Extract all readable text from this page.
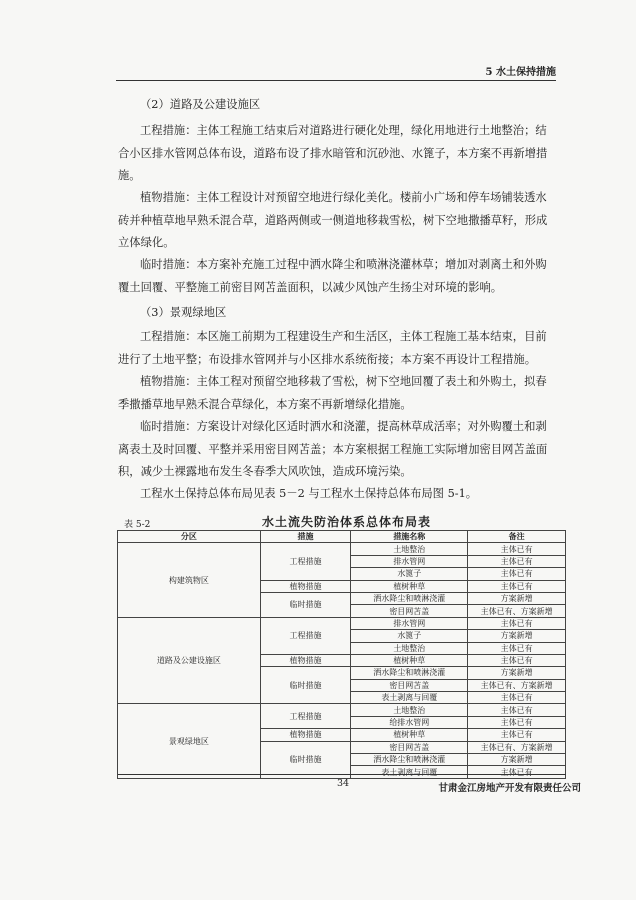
5 水土保持措施
（2）道路及公建设施区

工程措施：主体工程施工结束后对道路进行硬化处理，绿化用地进行土地整治；结合小区排水管网总体布设，道路布设了排水暗管和沉砂池、水篦子，本方案不再新增措施。

植物措施：主体工程设计对预留空地进行绿化美化。楼前小广场和停车场铺装透水砖并种植草地早熟禾混合草，道路两侧或一侧道地移栽雪松，树下空地撒播草籽，形成立体绿化。

临时措施：本方案补充施工过程中洒水降尘和喷淋浇灌林草；增加对剥离土和外购覆土回覆、平整施工前密目网苫盖面积，以减少风蚀产生扬尘对环境的影响。

（3）景观绿地区

工程措施：本区施工前期为工程建设生产和生活区，主体工程施工基本结束，目前进行了土地平整；布设排水管网并与小区排水系统衔接；本方案不再设计工程措施。

植物措施：主体工程对预留空地移栽了雪松，树下空地回覆了表土和外购土，拟春季撒播草地早熟禾混合草绿化，本方案不再新增绿化措施。

临时措施：方案设计对绿化区适时洒水和浇灌，提高林草成活率；对外购覆土和剥离表土及时回覆、平整并采用密目网苫盖；本方案根据工程施工实际增加密目网苫盖面积，减少土裸露地布发生冬春季大风吹蚀，造成环境污染。

工程水土保持总体布局见表 5－2 与工程水土保持总体布局图 5-1。

表 5-2	水土流失防治体系总体布局表
分区	措施	措施名称	备注
构建筑物区	工程措施	土地整治	主体已有
		排水管网	主体已有
		水篦子	主体已有
	植物措施	植树种草	主体已有
	临时措施	洒水降尘和喷淋浇灌	方案新增
		密目网苫盖	主体已有、方案新增
道路及公建设施区	工程措施	排水管网	主体已有
		水篦子	方案新增
		土地整治	主体已有
	植物措施	植树种草	主体已有
	临时措施	洒水降尘和喷淋浇灌	方案新增
		密目网苫盖	主体已有、方案新增
		表土剥离与回覆	主体已有
景观绿地区	工程措施	土地整治	主体已有
		给排水管网	主体已有
	植物措施	植树种草	主体已有
	临时措施	密目网苫盖	主体已有、方案新增
		洒水降尘和喷淋浇灌	方案新增
		表土剥离与回覆	主体已有
34	甘肃金江房地产开发有限责任公司
